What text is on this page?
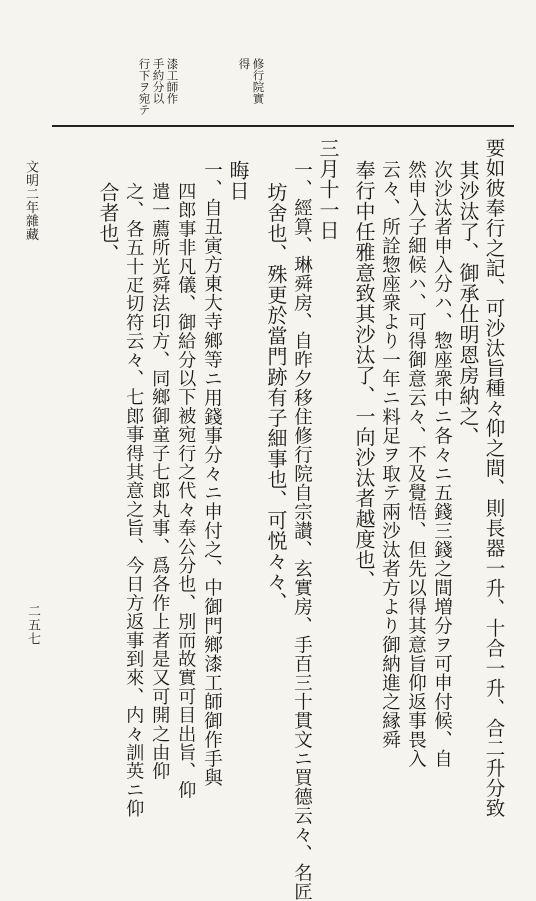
修行院實
得
漆工師作
手約分以
行下ヲ宛テ
要如彼奉行之記、可沙汰旨種々仰之間、則長器一升、十合一升、合二升分致
其沙汰了、御承仕明恩房納之、
次沙汰者申入分ハ、惣座衆中ニ各々ニ五錢三錢之間増分ヲ可申付候、自
然申入子細候ハ、可得御意云々、不及覺悟、但先以得其意旨仰返事畏入
云々、所詮惣座衆より一年ニ料足ヲ取テ兩沙汰者方より御納進之縁舜
奉行中任雅意致其沙汰了、一向沙汰者越度也、
三月十一日
一、經算、琳舜房、自昨夕移住修行院自宗讃、玄實房、手百三十貫文ニ買德云々、名匠
坊舍也、殊更於當門跡有子細事也、可悦々々、
晦日
一、自丑寅方東大寺鄉等ニ用錢事分々ニ申付之、中御門鄉漆工師御作手與
四郎事非凡儀、御給分以下被宛行之代々奉公分也、別而故實可目出旨、仰
遣一薦所光舜法印方、同鄉御童子七郎丸事、爲各作上者是又可開之由仰
之、各五十疋切符云々、七郎事得其意之旨、今日方返事到來、内々訓英ニ仰
合者也、
文明二年雜藏
二五七
